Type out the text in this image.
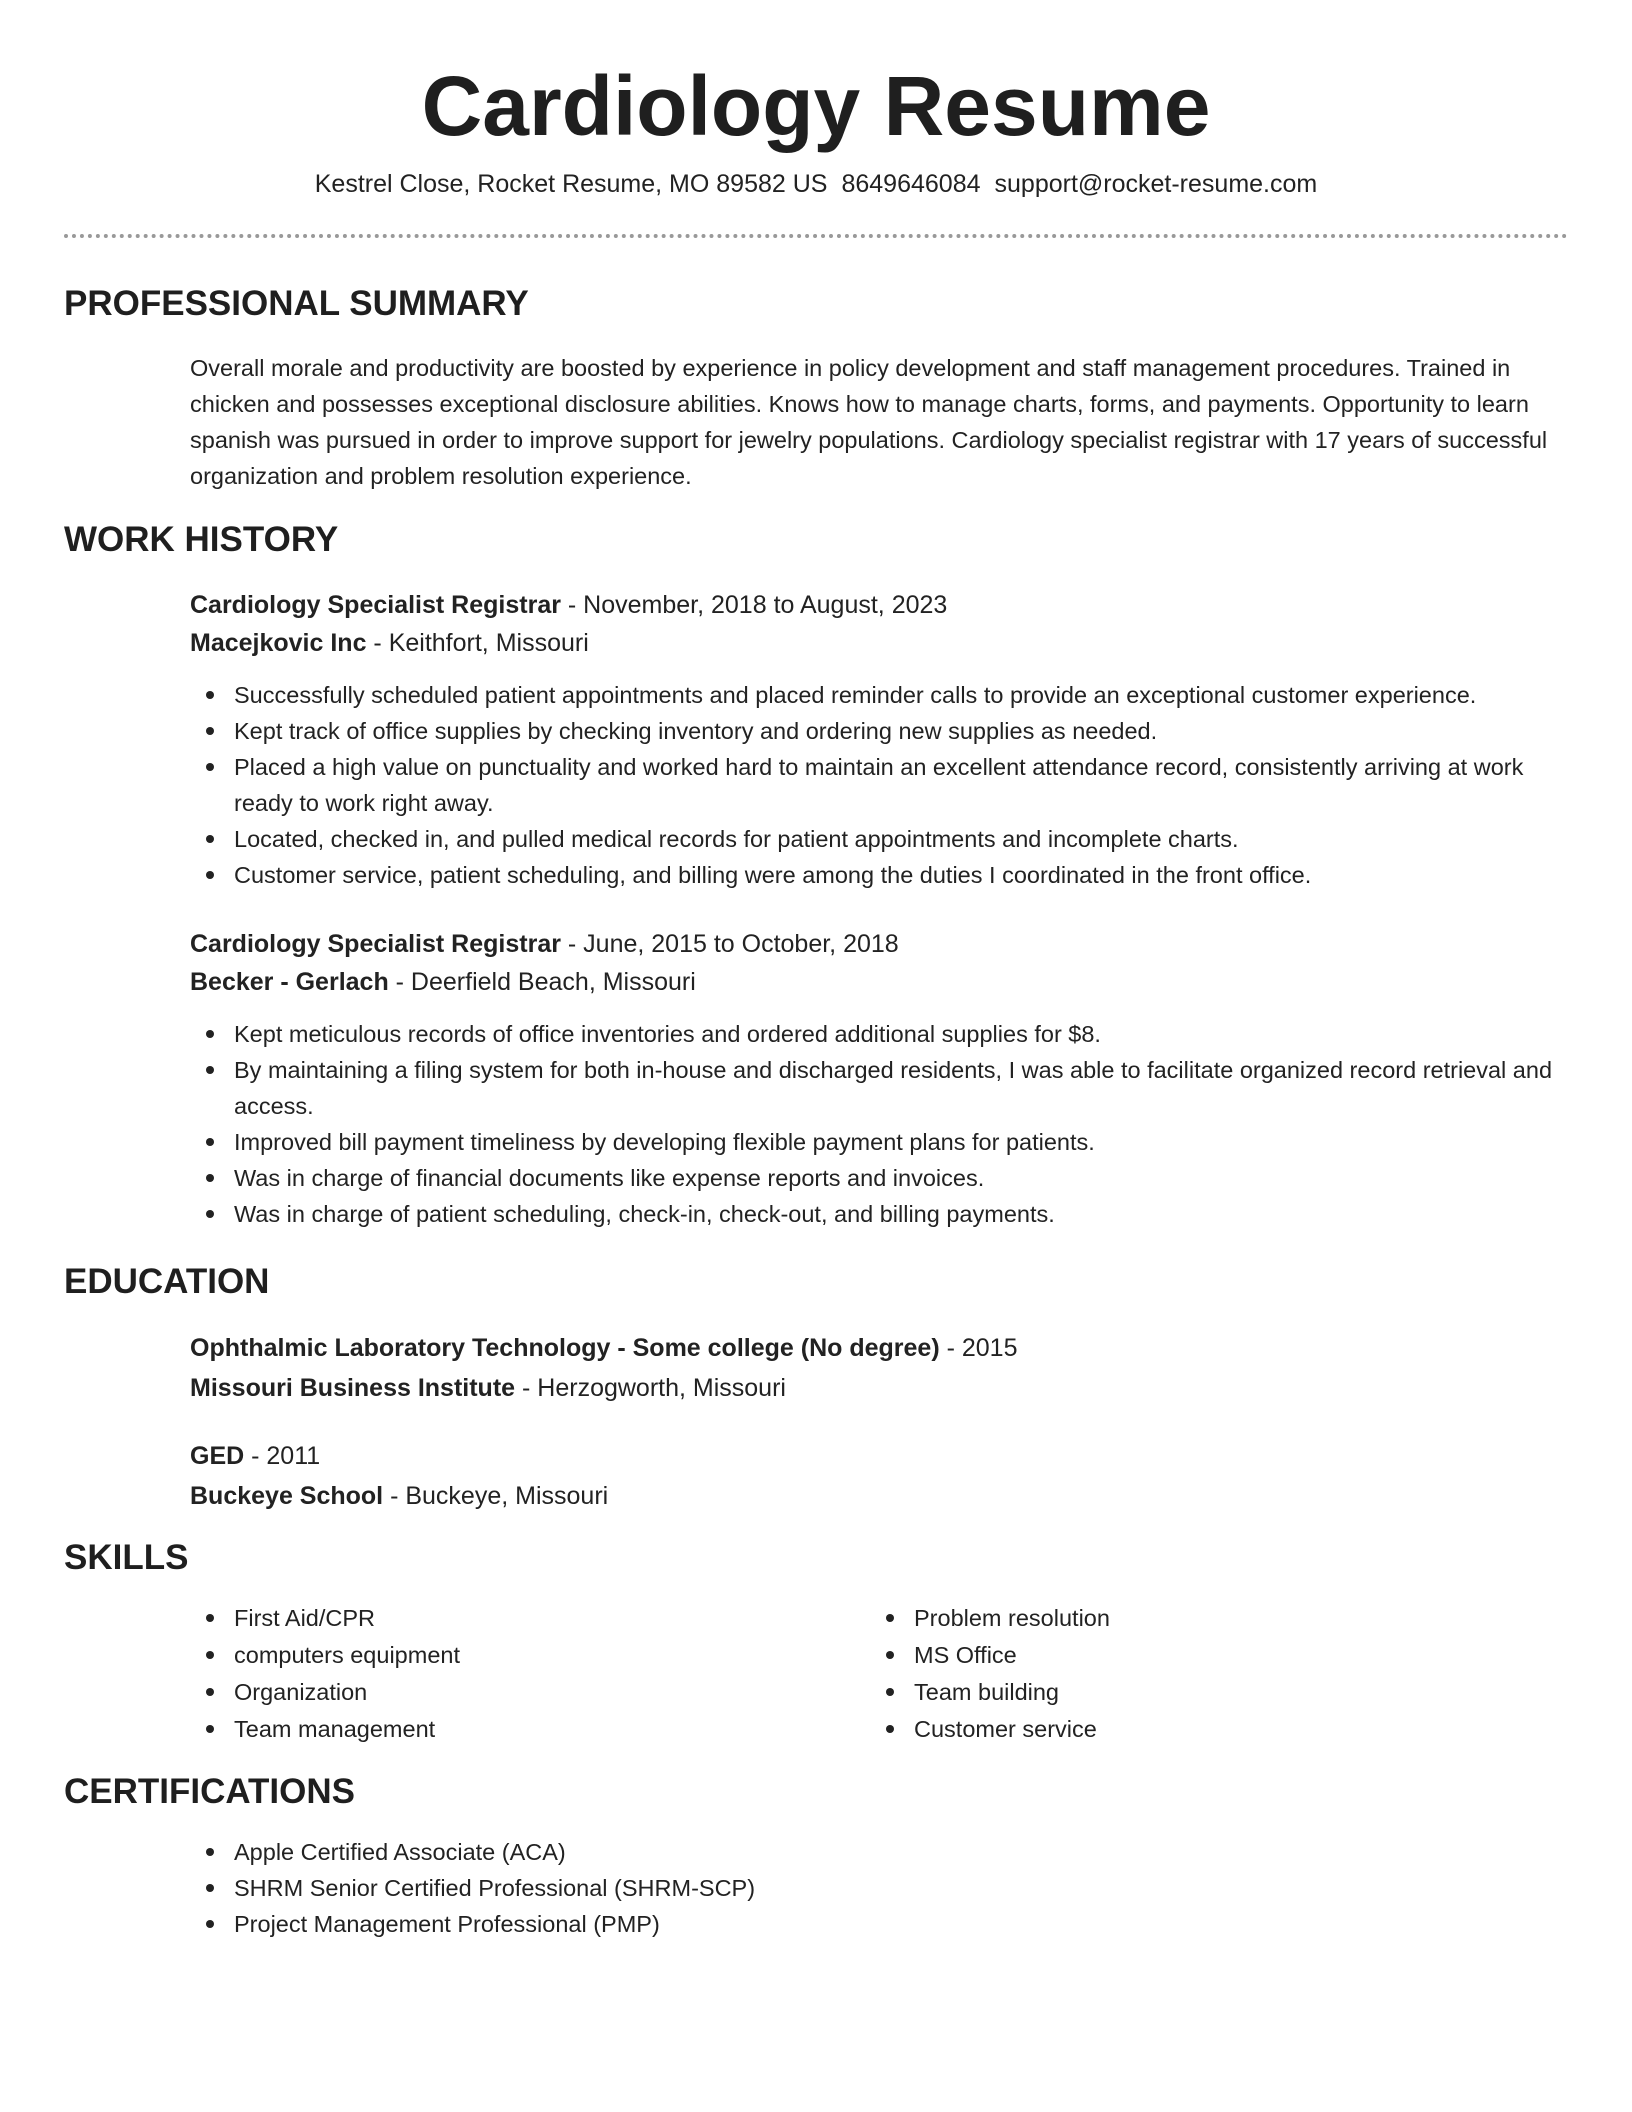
Cardiology Resume
Kestrel Close, Rocket Resume, MO 89582 US 8649646084 support@rocket-resume.com
PROFESSIONAL SUMMARY
Overall morale and productivity are boosted by experience in policy development and staff management procedures. Trained in chicken and possesses exceptional disclosure abilities. Knows how to manage charts, forms, and payments. Opportunity to learn spanish was pursued in order to improve support for jewelry populations. Cardiology specialist registrar with 17 years of successful organization and problem resolution experience.
WORK HISTORY
Cardiology Specialist Registrar - November, 2018 to August, 2023
Macejkovic Inc - Keithfort, Missouri
Successfully scheduled patient appointments and placed reminder calls to provide an exceptional customer experience.
Kept track of office supplies by checking inventory and ordering new supplies as needed.
Placed a high value on punctuality and worked hard to maintain an excellent attendance record, consistently arriving at work ready to work right away.
Located, checked in, and pulled medical records for patient appointments and incomplete charts.
Customer service, patient scheduling, and billing were among the duties I coordinated in the front office.
Cardiology Specialist Registrar - June, 2015 to October, 2018
Becker - Gerlach - Deerfield Beach, Missouri
Kept meticulous records of office inventories and ordered additional supplies for $8.
By maintaining a filing system for both in-house and discharged residents, I was able to facilitate organized record retrieval and access.
Improved bill payment timeliness by developing flexible payment plans for patients.
Was in charge of financial documents like expense reports and invoices.
Was in charge of patient scheduling, check-in, check-out, and billing payments.
EDUCATION
Ophthalmic Laboratory Technology - Some college (No degree) - 2015
Missouri Business Institute - Herzogworth, Missouri
GED - 2011
Buckeye School - Buckeye, Missouri
SKILLS
First Aid/CPR
computers equipment
Organization
Team management
Problem resolution
MS Office
Team building
Customer service
CERTIFICATIONS
Apple Certified Associate (ACA)
SHRM Senior Certified Professional (SHRM-SCP)
Project Management Professional (PMP)
